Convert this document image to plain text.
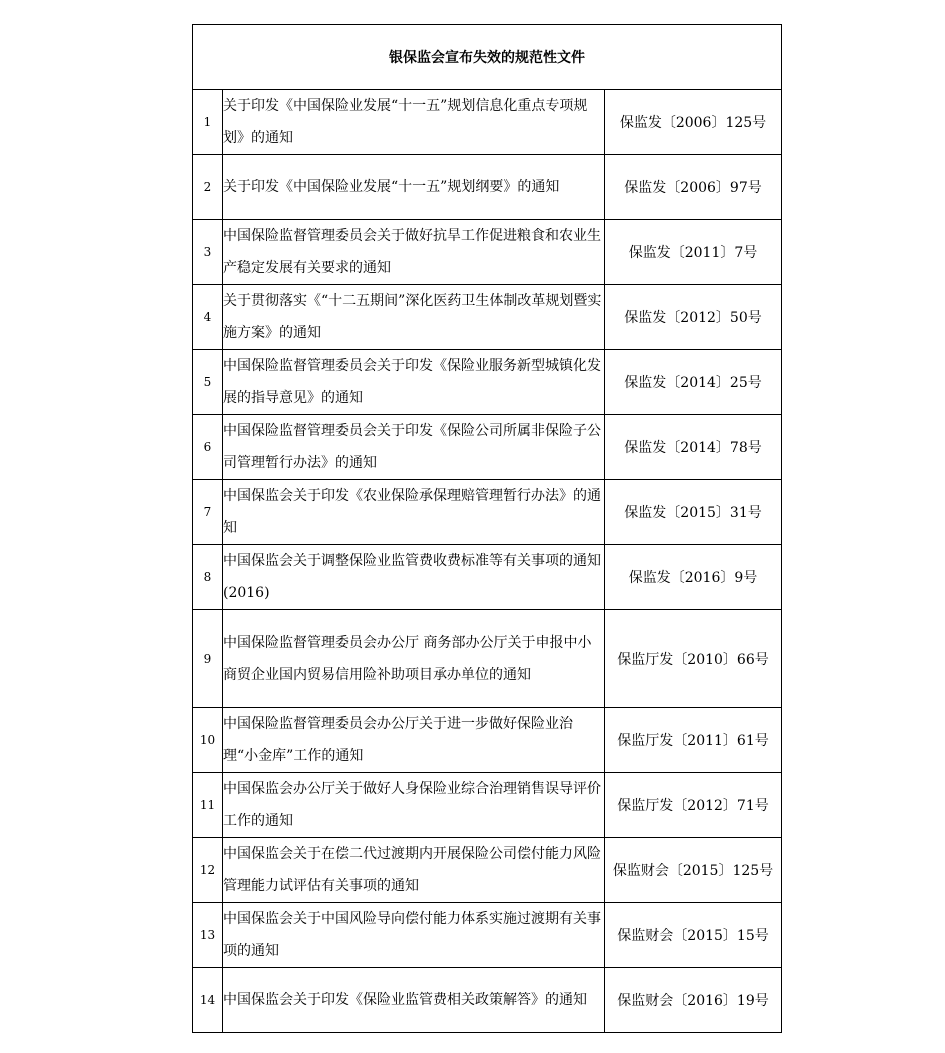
银保监会宣布失效的规范性文件		
1	关于印发《中国保险业发展“十一五”规划信息化重点专项规划》的通知	保监发〔2006〕125号
2	关于印发《中国保险业发展“十一五”规划纲要》的通知	保监发〔2006〕97号
3	中国保险监督管理委员会关于做好抗旱工作促进粮食和农业生产稳定发展有关要求的通知	保监发〔2011〕7号
4	关于贯彻落实《“十二五期间”深化医药卫生体制改革规划暨实施方案》的通知	保监发〔2012〕50号
5	中国保险监督管理委员会关于印发《保险业服务新型城镇化发展的指导意见》的通知	保监发〔2014〕25号
6	中国保险监督管理委员会关于印发《保险公司所属非保险子公司管理暂行办法》的通知	保监发〔2014〕78号
7	中国保监会关于印发《农业保险承保理赔管理暂行办法》的通知	保监发〔2015〕31号
8	中国保监会关于调整保险业监管费收费标准等有关事项的通知(2016)	保监发〔2016〕9号
9	中国保险监督管理委员会办公厅 商务部办公厅关于申报中小商贸企业国内贸易信用险补助项目承办单位的通知	保监厅发〔2010〕66号
10	中国保险监督管理委员会办公厅关于进一步做好保险业治理“小金库”工作的通知	保监厅发〔2011〕61号
11	中国保监会办公厅关于做好人身保险业综合治理销售误导评价工作的通知	保监厅发〔2012〕71号
12	中国保监会关于在偿二代过渡期内开展保险公司偿付能力风险管理能力试评估有关事项的通知	保监财会〔2015〕125号
13	中国保监会关于中国风险导向偿付能力体系实施过渡期有关事项的通知	保监财会〔2015〕15号
14	中国保监会关于印发《保险业监管费相关政策解答》的通知	保监财会〔2016〕19号
